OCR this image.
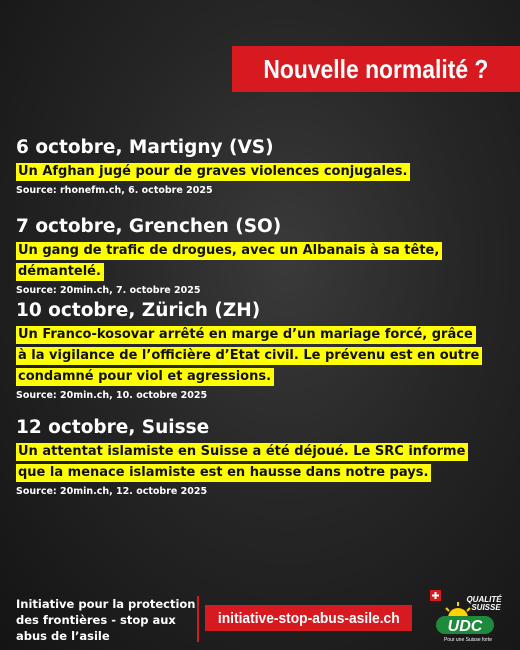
Nouvelle normalité ?
6 octobre, Martigny (VS)

Un Afghan jugé pour de graves violences conjugales.

Source: rhonefm.ch, 6. octobre 2025
7 octobre, Grenchen (SO)

Un gang de trafic de drogues, avec un Albanais à sa tête, démantelé.

Source: 20min.ch, 7. octobre 2025
10 octobre, Zürich (ZH)

Un Franco-kosovar arrêté en marge d’un mariage forcé, grâce à la vigilance de l’officière d’Etat civil. Le prévenu est en outre condamné pour viol et agressions.

Source: 20min.ch, 10. octobre 2025
12 octobre, Suisse

Un attentat islamiste en Suisse a été déjoué. Le SRC informe que la menace islamiste est en hausse dans notre pays.

Source: 20min.ch, 12. octobre 2025
Initiative pour la protection des frontières - stop aux abus de l’asile
initiative-stop-abus-asile.ch
QUALITÉ
SUISSE
UDC
Pour une Suisse forte
